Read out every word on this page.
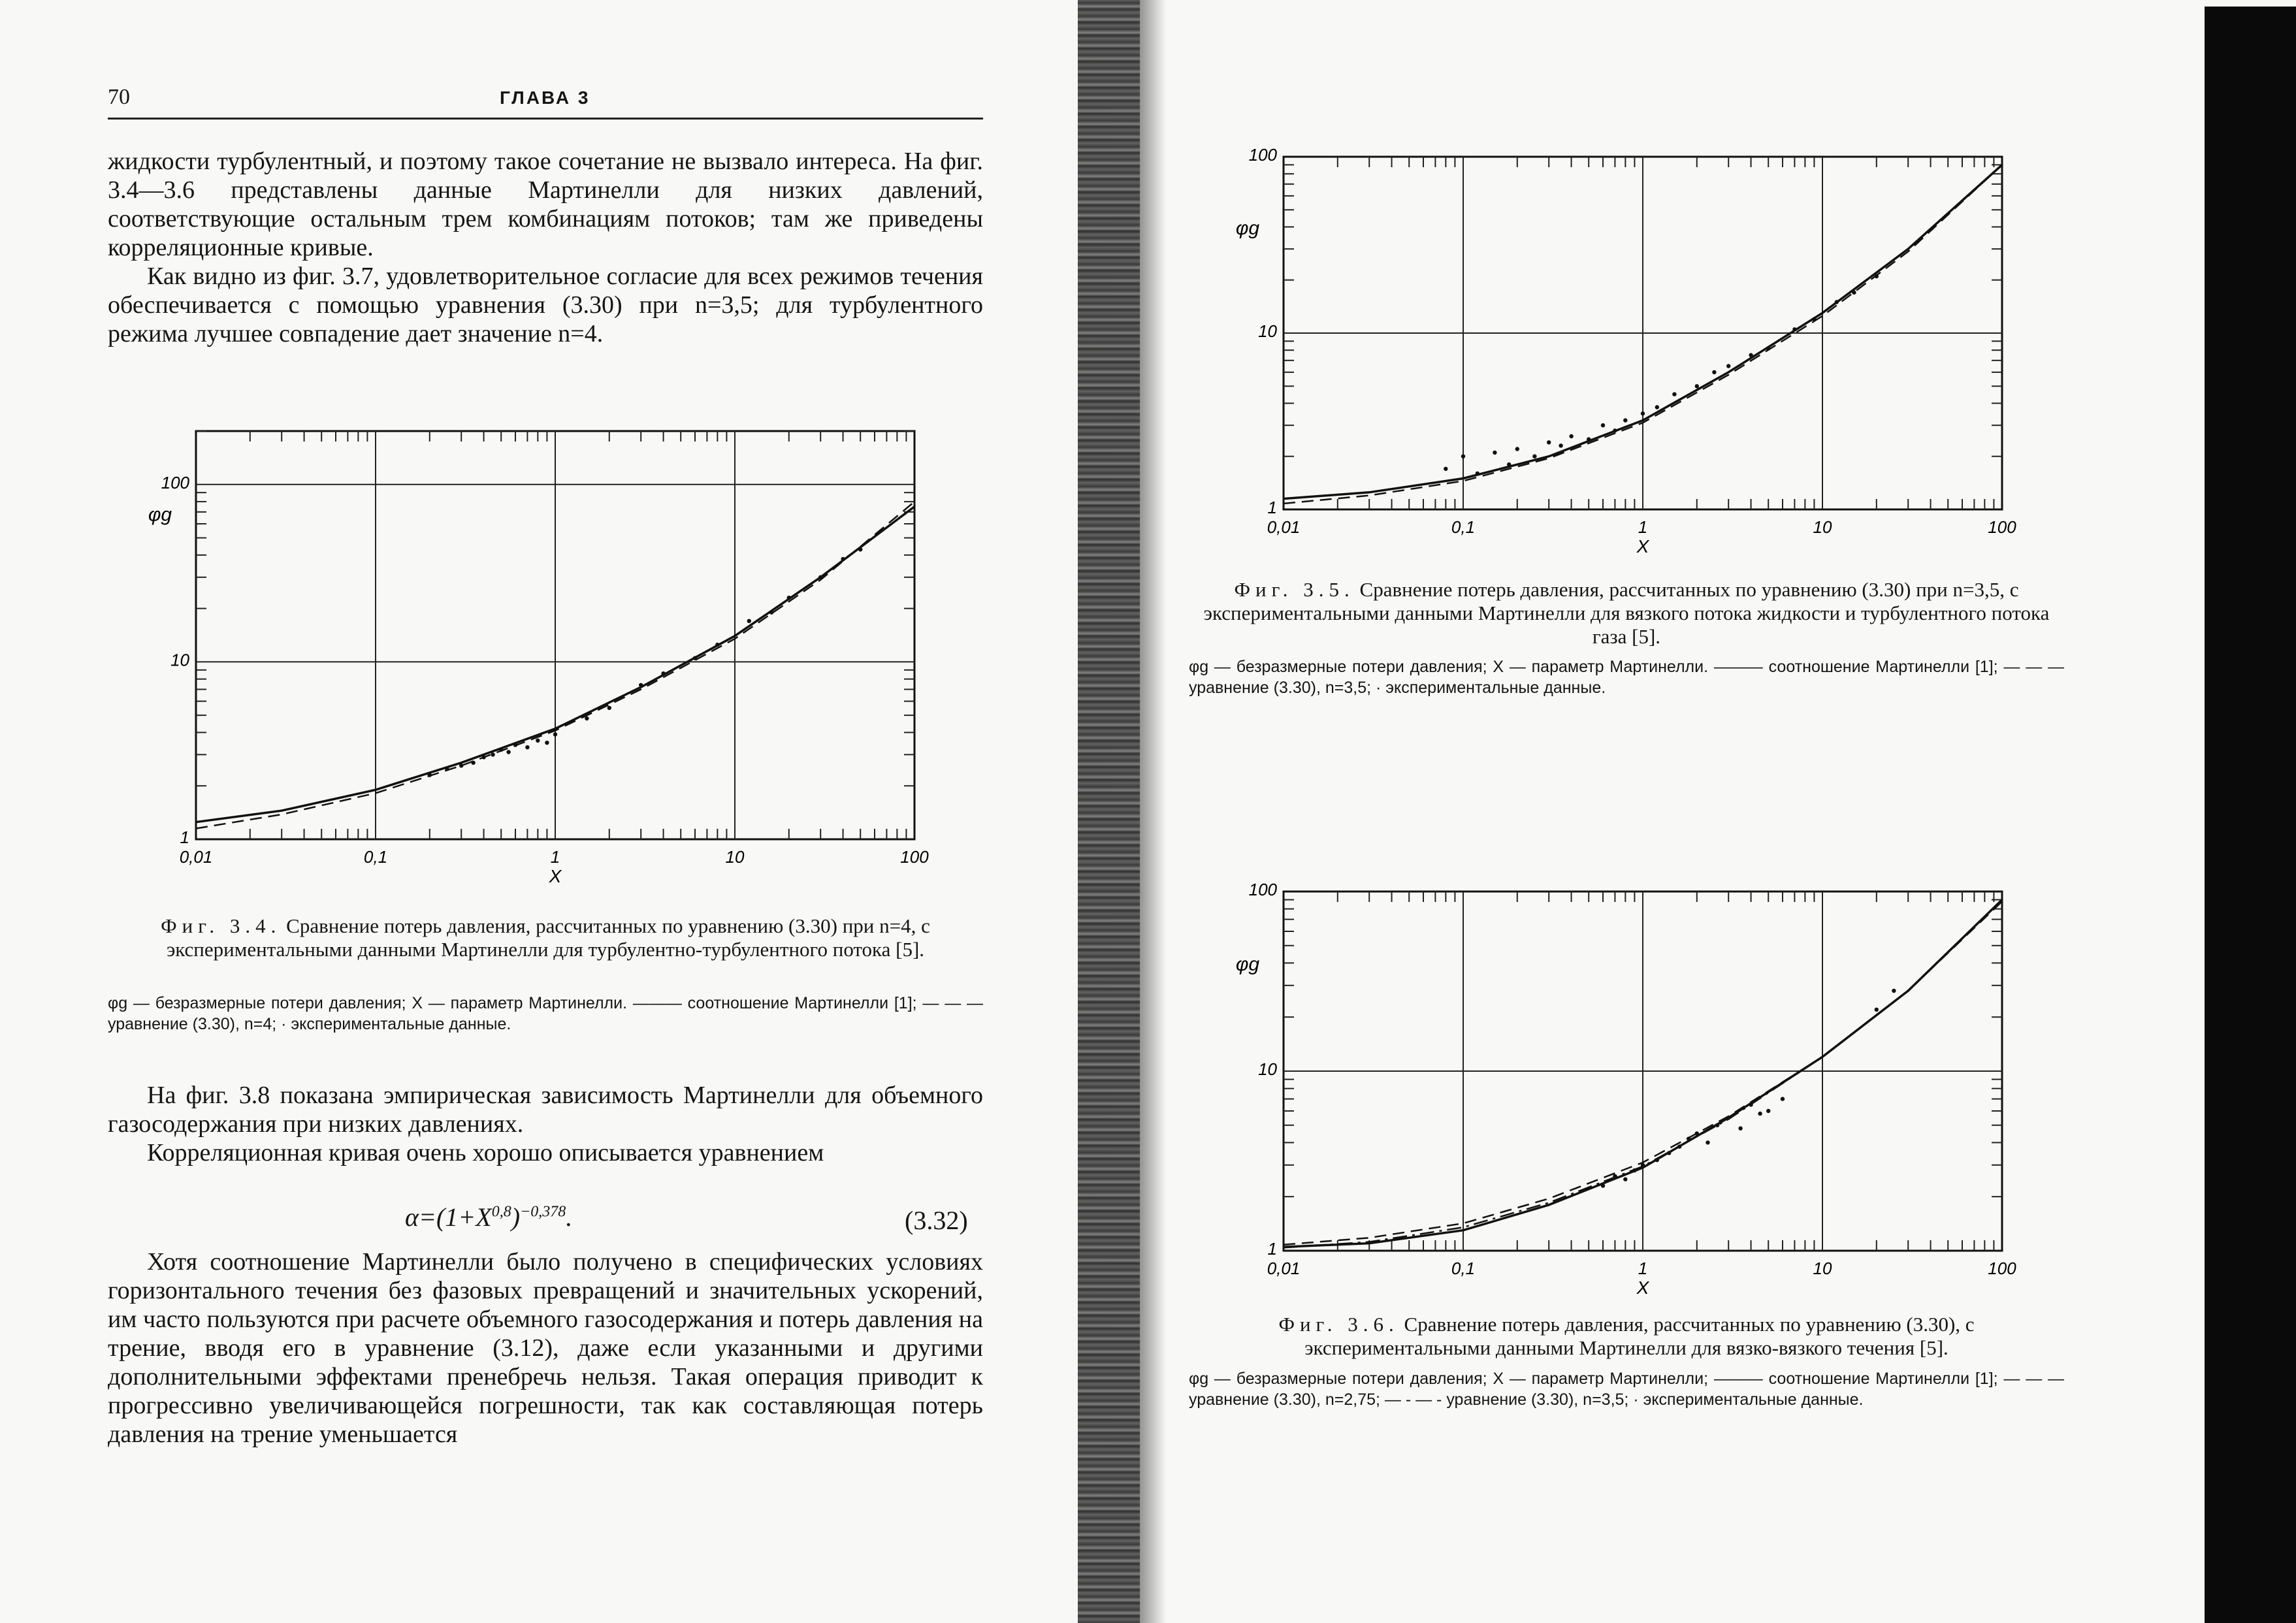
70	ГЛАВА 3

жидкости турбулентный, и поэтому такое сочетание не вызвало интереса. На фиг. 3.4—3.6 представлены данные Мартинелли для низких давлений, соответствующие остальным трем комбинациям потоков; там же приведены корреляционные кривые.

Как видно из фиг. 3.7, удовлетворительное согласие для всех режимов течения обеспечивается с помощью уравнения (3.30) при n=3,5; для турбулентного режима лучшее совпадение дает значение n=4.

0,01	0,1	1	10	100
1
10
100
X
φg
Фиг. 3.4. Сравнение потерь давления, рассчитанных по уравнению (3.30) при n=4, с экспериментальными данными Мартинелли для турбулентно-турбулентного потока [5].
φg — безразмерные потери давления; X — параметр Мартинелли. ——— соотношение Мартинелли [1]; — — — уравнение (3.30), n=4; · экспериментальные данные.

На фиг. 3.8 показана эмпирическая зависимость Мартинелли для объемного газосодержания при низких давлениях.

Корреляционная кривая очень хорошо описывается уравнением

$\alpha=(1+X^{0,8})^{-0,378}$.	(3.32)

Хотя соотношение Мартинелли было получено в специфических условиях горизонтального течения без фазовых превращений и значительных ускорений, им часто пользуются при расчете объемного газосодержания и потерь давления на трение, вводя его в уравнение (3.12), даже если указанными и другими дополнительными эффектами пренебречь нельзя. Такая операция приводит к прогрессивно увеличивающейся погрешности, так как составляющая потерь давления на трение уменьшается

0,01	0,1	1	10	100
1
10
100
X
φg
Фиг. 3.5. Сравнение потерь давления, рассчитанных по уравнению (3.30) при n=3,5, с экспериментальными данными Мартинелли для вязкого потока жидкости и турбулентного потока газа [5].
φg — безразмерные потери давления; X — параметр Мартинелли. ——— соотношение Мартинелли [1]; — — — уравнение (3.30), n=3,5; · экспериментальные данные.
0,01	0,1	1	10	100
1
10
100
X
φg
Фиг. 3.6. Сравнение потерь давления, рассчитанных по уравнению (3.30), с экспериментальными данными Мартинелли для вязко-вязкого течения [5].
φg — безразмерные потери давления; X — параметр Мартинелли; ——— соотношение Мартинелли [1]; — — — уравнение (3.30), n=2,75; — - — - уравнение (3.30), n=3,5; · экспериментальные данные.
